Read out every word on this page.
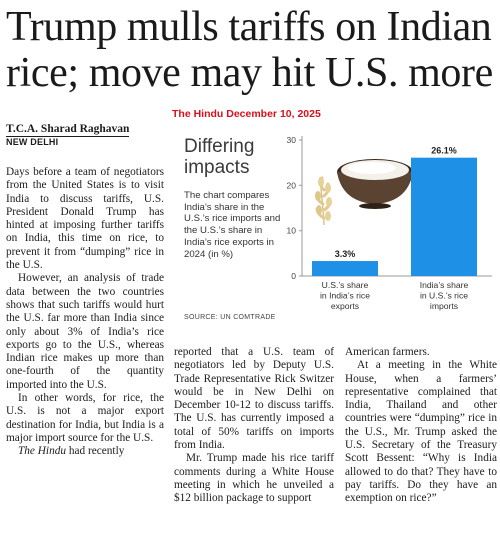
Trump mulls tariffs on Indian
rice; move may hit U.S. more
The Hindu December 10, 2025
T.C.A. Sharad Raghavan
NEW DELHI

Days before a team of negotiators from the United States is to visit India to discuss tariffs, U.S. President Donald Trump has hinted at imposing further tariffs on India, this time on rice, to prevent it from “dumping” rice in the U.S.

However, an analysis of trade data between the two countries shows that such tariffs would hurt the U.S. far more than India since only about 3% of India’s rice exports go to the U.S., whereas Indian rice makes up more than one-fourth of the quantity imported into the U.S.

In other words, for rice, the U.S. is not a major export destination for India, but India is a major import source for the U.S.

The Hindu had recently

reported that a U.S. team of negotiators led by Deputy U.S. Trade Representative Rick Switzer would be in New Delhi on December 10-12 to discuss tariffs. The U.S. has currently imposed a total of 50% tariffs on imports from India.

Mr. Trump made his rice tariff comments during a White House meeting in which he unveiled a $12 billion package to support

American farmers.

At a meeting in the White House, when a farmers’ representative complained that India, Thailand and other countries were “dumping” rice in the U.S., Mr. Trump asked the U.S. Secretary of the Treasury Scott Bessent: “Why is India allowed to do that? They have to pay tariffs. Do they have an exemption on rice?”

Differing
impacts
The chart compares India’s share in the U.S.’s rice imports and the U.S.’s share in India’s rice exports in 2024 (in %)
SOURCE: UN COMTRADE
0
10
20
30
3.3%
U.S.’s share
in India’s rice
exports
26.1%
India’s share
in U.S.’s rice
imports
